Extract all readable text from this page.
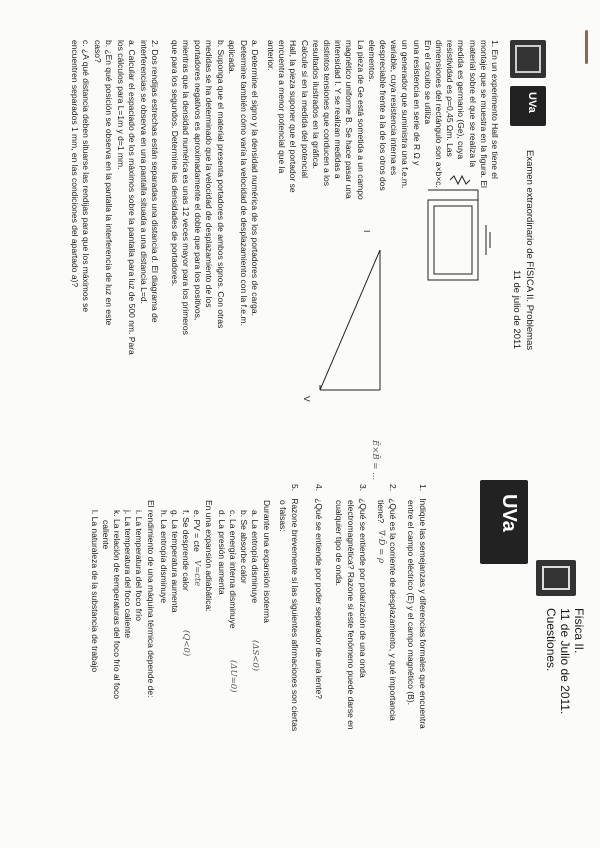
UVa
Física II.
11 de Julio de 2011.
Cuestiones.
1.   Indique las semejanzas y diferencias formales que encuentra
entre el campo eléctrico (E) y el campo magnético (B).
2.   ¿Qué es la corriente de desplazamiento, y qué importancia
tiene?
∇·D̄ = ρ
3.   ¿Qué se entiende por polarización de una onda
electromagnética? Razone si este fenómeno puede darse en
cualquier tipo de onda.
4.   ¿Qué se entiende por poder separador de una lente?
5.   Razone brevemente si las siguientes afirmaciones son ciertas
o falsas:
Durante una expansión isoterma
a. La entropía disminuye
b. Se absorbe calor
c. La energía interna disminuye
d. La presión aumenta
(ΔS<0)
(ΔU=0)
En una expansión adiabática:
e. PV = cte
f. Se desprende calor
g. La temperatura aumenta
h. La entropía disminuye
(Q<0)
El rendimiento de una máquina térmica depende de:
i. La temperatura del foco frío
j. La temperatura del foco caliente
k. La relación de temperaturas del foco frío al foco
caliente
l. La naturaleza de la substancia de trabajo
UVa
Examen extraordinario de FÍSICA II. Problemas
11 de julio de 2011
1. En un experimento Hall se tiene el
montaje que se muestra en la figura. El
material sobre el que se realiza la
medida es germanio (Ge), cuya
resistividad es ρ=0,45 Ωm. Las
dimensiones del rectángulo son a×b×c.
En el circuito se utiliza
una resistencia en serie de R Ω y
un generador que suministra una f.e.m.
variable, cuya resistencia interna es
despreciable frente a la de los otros dos
elementos.
La pieza de Ge está sometida a un campo
magnético uniforme B. Se hace pasar una
intensidad I. Y se realizan medidas a
distintos tensiones que conducen a los
resultados ilustrados en la gráfica.
Calcule si en la medida del potencial
Hall, la pieza suponer que el portador se
encuentra a menor potencial que la
anterior.
I
V
a. Determine el signo y la densidad numérica de los portadores de carga.
Determine también cómo varía la velocidad de desplazamiento con la f.e.m.
aplicada.
b. Suponga que el material presenta portadores de ambos signos. Con otras
medidas se ha determinado que la velocidad de desplazamiento de los
portadores negativos es aproximadamente el doble que para los positivos,
mientras que la densidad numérica es unas 12 veces mayor para los primeros
que para los segundos. Determine las densidades de portadores.
2. Dos rendijas estrechas están separadas una distancia d. El diagrama de
interferencias se observa en una pantalla situada a una distancia L=d.
a. Calcular el espaciado de los máximos sobre la pantalla para luz de 500 nm. Para
los cálculos para L=1m y d=1 mm.
b. ¿En qué posición se observa en la pantalla la interferencia de luz en este
caso?
c. ¿A qué distancia deben situarse las rendijas para que los máximos se
encuentren separados 1 mm, en las condiciones del apartado a)?
Ē×B̄ = ...
V=cte
